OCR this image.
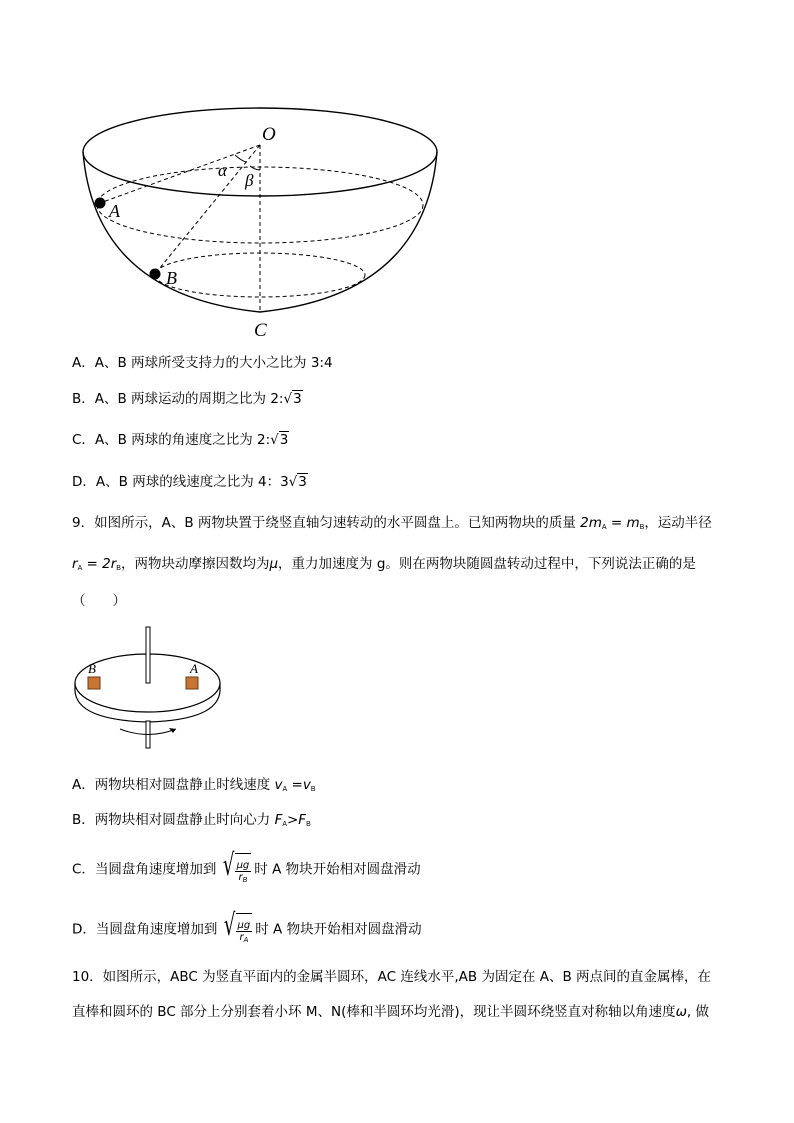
O
A
B
C
α
β
A．A、B 两球所受支持力的大小之比为 3:4
B．A、B 两球运动的周期之比为 2:√3
C．A、B 两球的角速度之比为 2:√3
D．A、B 两球的线速度之比为 4：3√3
9．如图所示，A、B 两物块置于绕竖直轴匀速转动的水平圆盘上。已知两物块的质量 $2m_A = m_B$，运动半径
$r_A = 2r_B$，两物块动摩擦因数均为μ，重力加速度为 g。则在两物块随圆盘转动过程中，下列说法正确的是
（　　）
B	A
A．两物块相对圆盘静止时线速度 $v_A =v_B$
B．两物块相对圆盘静止时向心力 $F_A>F_B$
C．当圆盘角速度增加到 √ $\frac{\mu g}{r_B}$ 时 A 物块开始相对圆盘滑动
D．当圆盘角速度增加到 √ $\frac{\mu g}{r_A}$ 时 A 物块开始相对圆盘滑动
10．如图所示，ABC 为竖直平面内的金属半圆环，AC 连线水平,AB 为固定在 A、B 两点间的直金属棒，在
直棒和圆环的 BC 部分上分别套着小环 M、N(棒和半圆环均光滑)，现让半圆环绕竖直对称轴以角速度ω, 做
